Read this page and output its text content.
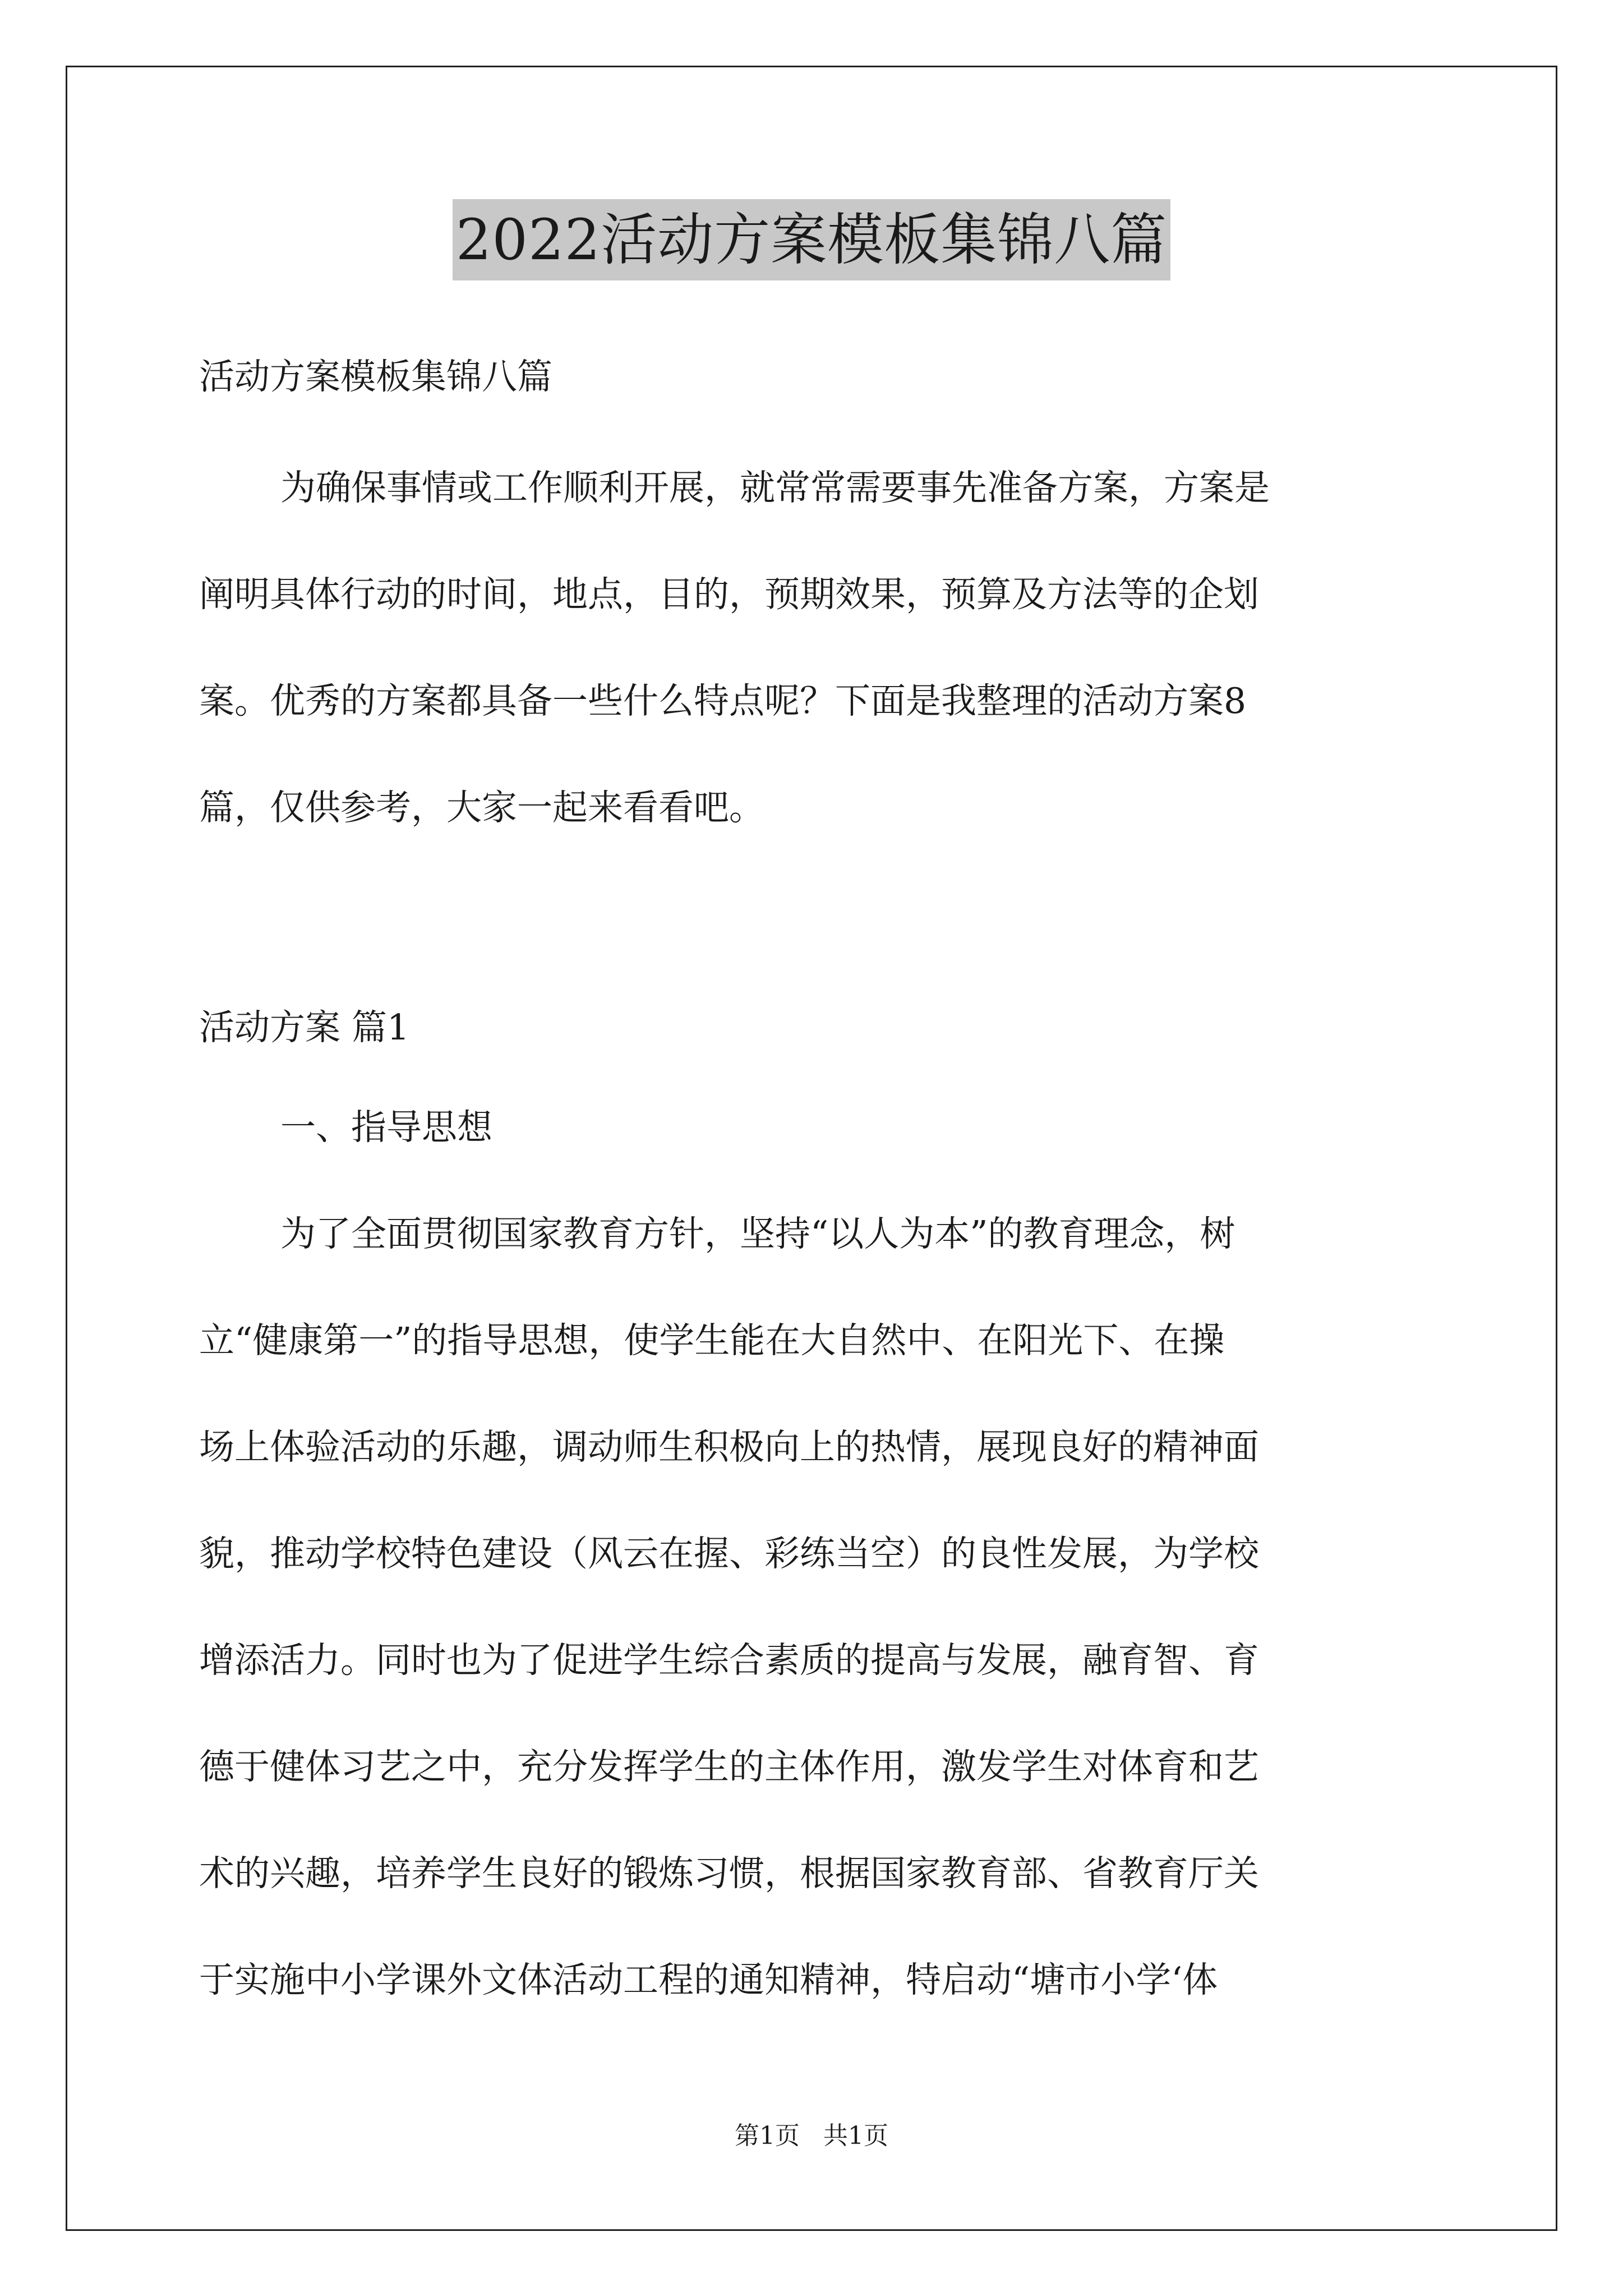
2022活动方案模板集锦八篇
活动方案模板集锦八篇
为确保事情或工作顺利开展，就常常需要事先准备方案，方案是
阐明具体行动的时间，地点，目的，预期效果，预算及方法等的企划
案。优秀的方案都具备一些什么特点呢？下面是我整理的活动方案8
篇，仅供参考，大家一起来看看吧。
活动方案 篇1
一、指导思想
为了全面贯彻国家教育方针，坚持“以人为本”的教育理念，树
立“健康第一”的指导思想，使学生能在大自然中、在阳光下、在操
场上体验活动的乐趣，调动师生积极向上的热情，展现良好的精神面
貌，推动学校特色建设（风云在握、彩练当空）的良性发展，为学校
增添活力。同时也为了促进学生综合素质的提高与发展，融育智、育
德于健体习艺之中，充分发挥学生的主体作用，激发学生对体育和艺
术的兴趣，培养学生良好的锻炼习惯，根据国家教育部、省教育厅关
于实施中小学课外文体活动工程的通知精神，特启动“塘市小学‘体
第1页   共1页
